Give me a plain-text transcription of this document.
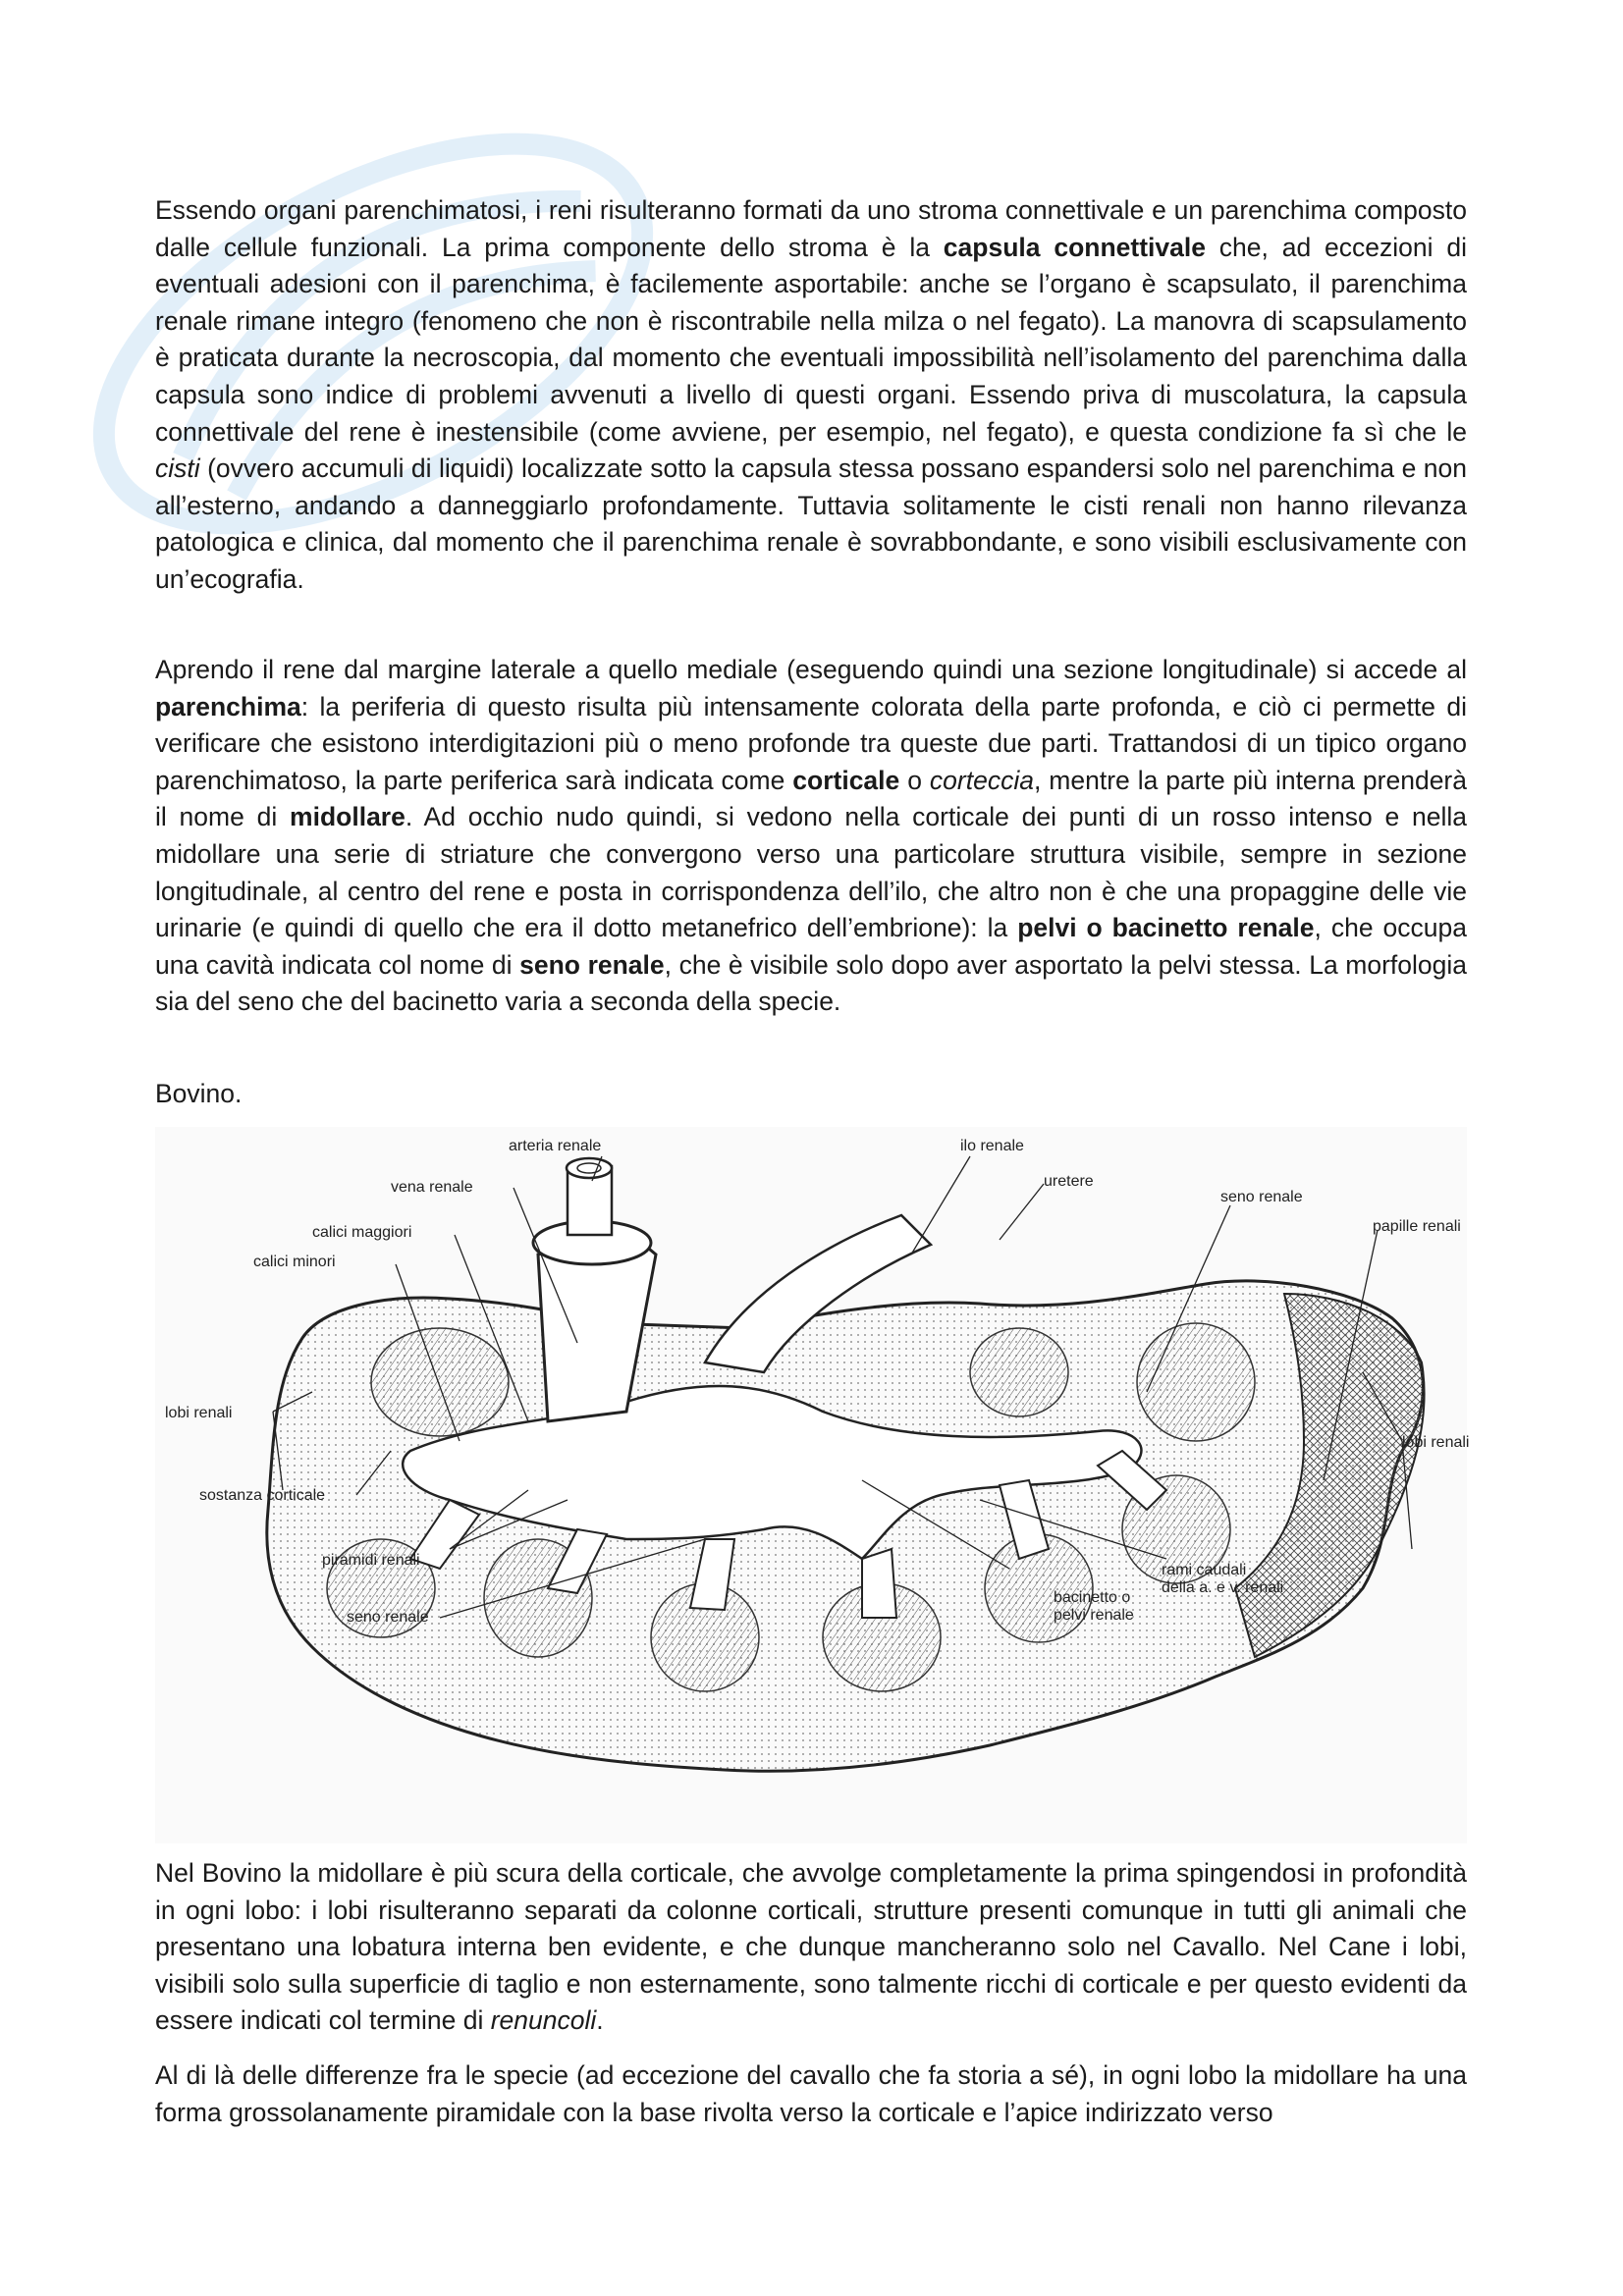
Essendo organi parenchimatosi, i reni risulteranno formati da uno stroma connettivale e un parenchima composto dalle cellule funzionali. La prima componente dello stroma è la capsula connettivale che, ad eccezioni di eventuali adesioni con il parenchima, è facilemente asportabile: anche se l’organo è scapsulato, il parenchima renale rimane integro (fenomeno che non è riscontrabile nella milza o nel fegato). La manovra di scapsulamento è praticata durante la necroscopia, dal momento che eventuali impossibilità nell’isolamento del parenchima dalla capsula sono indice di problemi avvenuti a livello di questi organi. Essendo priva di muscolatura, la capsula connettivale del rene è inestensibile (come avviene, per esempio, nel fegato), e questa condizione fa sì che le cisti (ovvero accumuli di liquidi) localizzate sotto la capsula stessa possano espandersi solo nel parenchima e non all’esterno, andando a danneggiarlo profondamente. Tuttavia solitamente le cisti renali non hanno rilevanza patologica e clinica, dal momento che il parenchima renale è sovrabbondante, e sono visibili esclusivamente con un’ecografia.

Aprendo il rene dal margine laterale a quello mediale (eseguendo quindi una sezione longitudinale) si accede al parenchima: la periferia di questo risulta più intensamente colorata della parte profonda, e ciò ci permette di verificare che esistono interdigitazioni più o meno profonde tra queste due parti. Trattandosi di un tipico organo parenchimatoso, la parte periferica sarà indicata come corticale o corteccia, mentre la parte più interna prenderà il nome di midollare. Ad occhio nudo quindi, si vedono nella corticale dei punti di un rosso intenso e nella midollare una serie di striature che convergono verso una particolare struttura visibile, sempre in sezione longitudinale, al centro del rene e posta in corrispondenza dell’ilo, che altro non è che una propaggine delle vie urinarie (e quindi di quello che era il dotto metanefrico dell’embrione): la pelvi o bacinetto renale, che occupa una cavità indicata col nome di seno renale, che è visibile solo dopo aver asportato la pelvi stessa. La morfologia sia del seno che del bacinetto varia a seconda della specie.

Bovino.

arteria renale	ilo renale
vena renale	uretere
seno renale
calici maggiori	papille renali
calici minori
lobi renali
lobi renali
sostanza corticale
piramidi renali
rami caudali
della a. e v. renali
seno renale
bacinetto o
pelvi renale

Nel Bovino la midollare è più scura della corticale, che avvolge completamente la prima spingendosi in profondità in ogni lobo: i lobi risulteranno separati da colonne corticali, strutture presenti comunque in tutti gli animali che presentano una lobatura interna ben evidente, e che dunque mancheranno solo nel Cavallo. Nel Cane i lobi, visibili solo sulla superficie di taglio e non esternamente, sono talmente ricchi di corticale e per questo evidenti da essere indicati col termine di renuncoli.

Al di là delle differenze fra le specie (ad eccezione del cavallo che fa storia a sé), in ogni lobo la midollare ha una forma grossolanamente piramidale con la base rivolta verso la corticale e l’apice indirizzato verso
